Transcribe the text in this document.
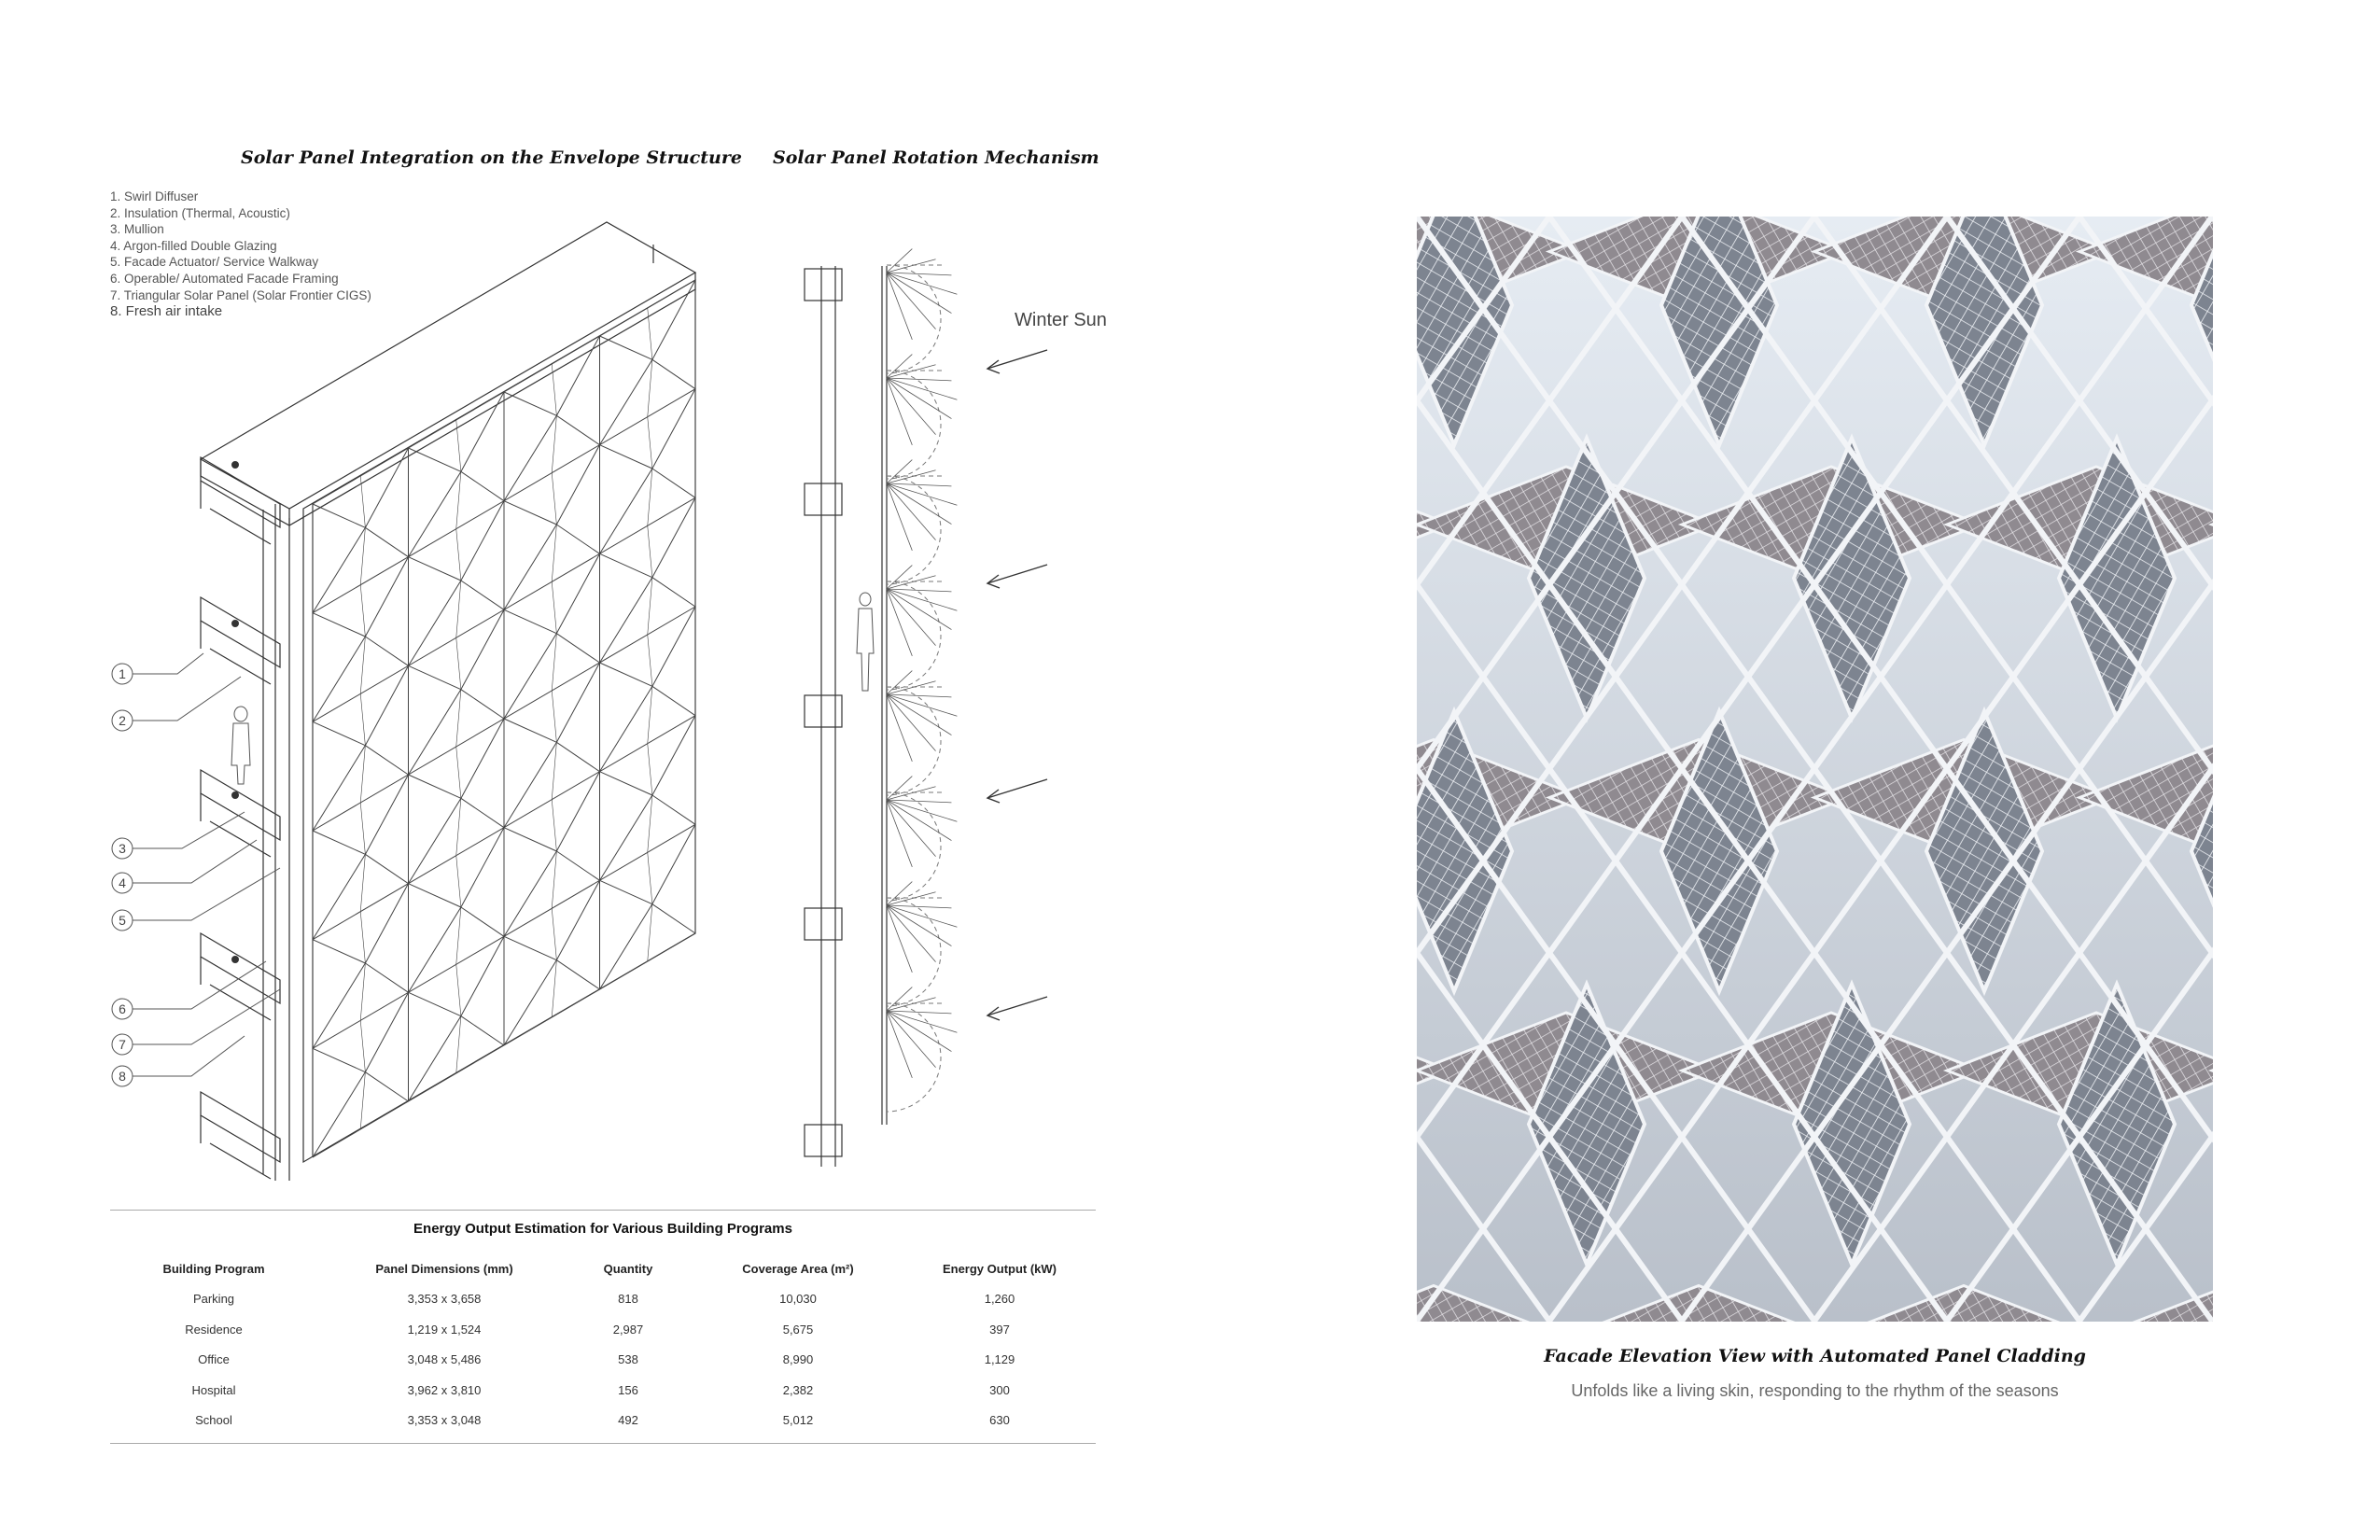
Solar Panel Integration on the Envelope Structure Solar Panel Rotation Mechanism
1. Swirl Diffuser
2. Insulation (Thermal, Acoustic)
3. Mullion
4. Argon-filled Double Glazing
5. Facade Actuator/ Service Walkway
6. Operable/ Automated Facade Framing
7. Triangular Solar Panel (Solar Frontier CIGS)
8. Fresh air intake
1
2
3
4
5
6
7
8
Winter Sun
Energy Output Estimation for Various Building Programs
Building Program	Panel Dimensions (mm)	Quantity	Coverage Area (m²)	Energy Output (kW)
Parking	3,353 x 3,658	818	10,030	1,260
Residence	1,219 x 1,524	2,987	5,675	397
Office	3,048 x 5,486	538	8,990	1,129
Hospital	3,962 x 3,810	156	2,382	300
School	3,353 x 3,048	492	5,012	630
Facade Elevation View with Automated Panel Cladding
Unfolds like a living skin, responding to the rhythm of the seasons
